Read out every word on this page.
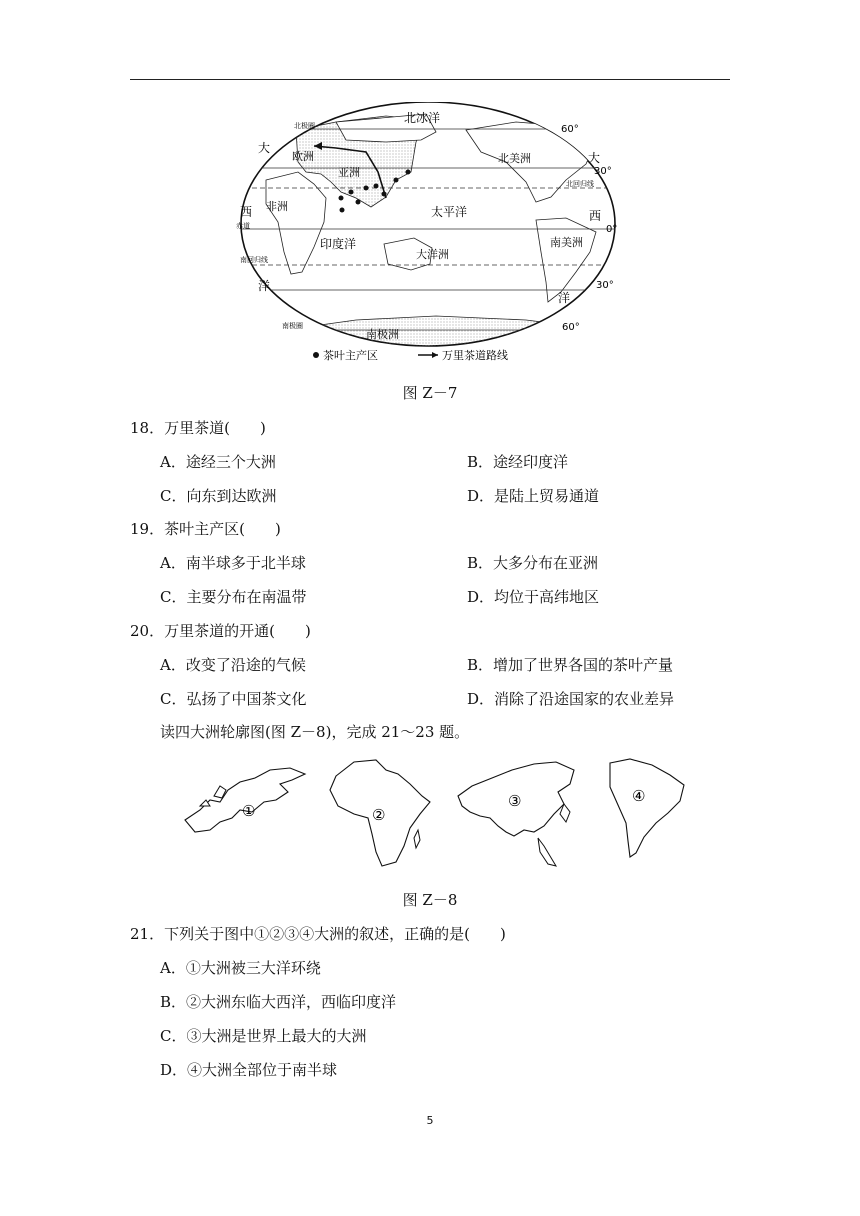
北冰洋
太平洋
印度洋
大
西
洋
大
西
洋
欧洲
亚洲
非洲
北美洲
南美洲
大洋洲
南极洲
北极圈
北回归线
赤道
南回归线
南极圈
60°
30°
0°
30°
60°
茶叶主产区	万里茶道路线
图 Z－7
18．万里茶道(　　)
A．途经三个大洲	B．途经印度洋
C．向东到达欧洲	D．是陆上贸易通道
19．茶叶主产区(　　)
A．南半球多于北半球	B．大多分布在亚洲
C．主要分布在南温带	D．均位于高纬地区
20．万里茶道的开通(　　)
A．改变了沿途的气候	B．增加了世界各国的茶叶产量
C．弘扬了中国茶文化	D．消除了沿途国家的农业差异
读四大洲轮廓图(图 Z－8)，完成 21～23 题。
①	②
③	④
图 Z－8
21．下列关于图中①②③④大洲的叙述，正确的是(　　)
A．①大洲被三大洋环绕
B．②大洲东临大西洋，西临印度洋
C．③大洲是世界上最大的大洲
D．④大洲全部位于南半球
5
